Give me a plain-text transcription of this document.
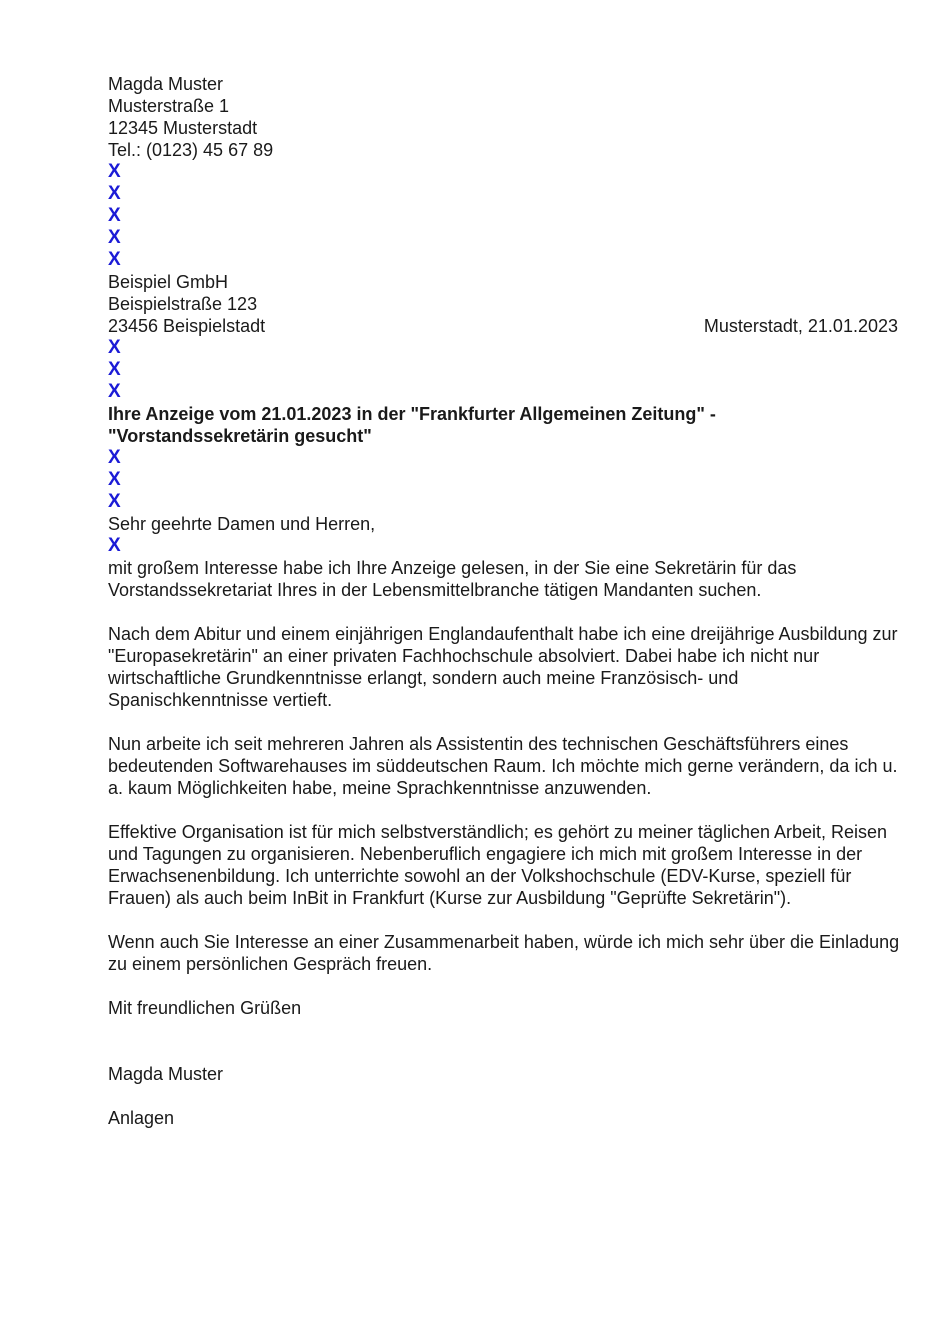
Magda Muster
Musterstraße 1
12345 Musterstadt
Tel.: (0123) 45 67 89
X
X
X
X
X
Beispiel GmbH
Beispielstraße 123
23456 Beispielstadt	Musterstadt, 21.01.2023
X
X
X
Ihre Anzeige vom 21.01.2023 in der "Frankfurter Allgemeinen Zeitung" -
"Vorstandssekretärin gesucht"
X
X
X
Sehr geehrte Damen und Herren,
X

mit großem Interesse habe ich Ihre Anzeige gelesen, in der Sie eine Sekretärin für das Vorstandssekretariat Ihres in der Lebensmittelbranche tätigen Mandanten suchen.

Nach dem Abitur und einem einjährigen Englandaufenthalt habe ich eine dreijährige Ausbildung zur "Europasekretärin" an einer privaten Fachhochschule absolviert. Dabei habe ich nicht nur wirtschaftliche Grundkenntnisse erlangt, sondern auch meine Französisch- und Spanischkenntnisse vertieft.

Nun arbeite ich seit mehreren Jahren als Assistentin des technischen Geschäftsführers eines bedeutenden Softwarehauses im süddeutschen Raum. Ich möchte mich gerne verändern, da ich u. a. kaum Möglichkeiten habe, meine Sprachkenntnisse anzuwenden.

Effektive Organisation ist für mich selbstverständlich; es gehört zu meiner täglichen Arbeit, Reisen und Tagungen zu organisieren. Nebenberuflich engagiere ich mich mit großem Interesse in der Erwachsenenbildung. Ich unterrichte sowohl an der Volkshochschule (EDV-Kurse, speziell für Frauen) als auch beim InBit in Frankfurt (Kurse zur Ausbildung "Geprüfte Sekretärin").

Wenn auch Sie Interesse an einer Zusammenarbeit haben, würde ich mich sehr über die Einladung zu einem persönlichen Gespräch freuen.

Mit freundlichen Grüßen
Magda Muster
Anlagen
